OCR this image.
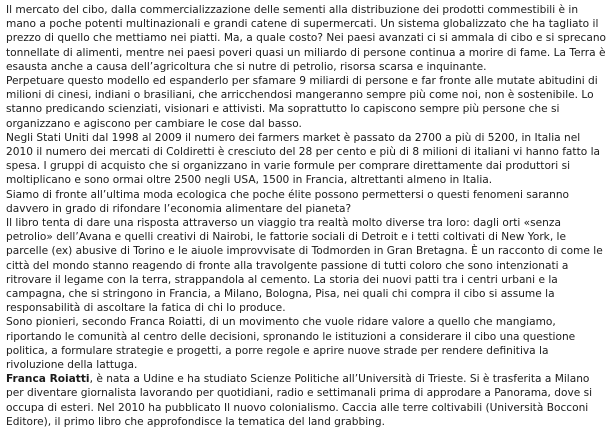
Il mercato del cibo, dalla commercializzazione delle sementi alla distribuzione dei prodotti commestibili è in mano a poche potenti multinazionali e grandi catene di supermercati. Un sistema globalizzato che ha tagliato il prezzo di quello che mettiamo nei piatti. Ma, a quale costo? Nei paesi avanzati ci si ammala di cibo e si sprecano tonnellate di alimenti, mentre nei paesi poveri quasi un miliardo di persone continua a morire di fame. La Terra è esausta anche a causa dell’agricoltura che si nutre di petrolio, risorsa scarsa e inquinante.

Perpetuare questo modello ed espanderlo per sfamare 9 miliardi di persone e far fronte alle mutate abitudini di milioni di cinesi, indiani o brasiliani, che arricchendosi mangeranno sempre più come noi, non è sostenibile. Lo stanno predicando scienziati, visionari e attivisti. Ma soprattutto lo capiscono sempre più persone che si organizzano e agiscono per cambiare le cose dal basso.

Negli Stati Uniti dal 1998 al 2009 il numero dei farmers market è passato da 2700 a più di 5200, in Italia nel 2010 il numero dei mercati di Coldiretti è cresciuto del 28 per cento e più di 8 milioni di italiani vi hanno fatto la spesa. I gruppi di acquisto che si organizzano in varie formule per comprare direttamente dai produttori si moltiplicano e sono ormai oltre 2500 negli USA, 1500 in Francia, altrettanti almeno in Italia.

Siamo di fronte all’ultima moda ecologica che poche élite possono permettersi o questi fenomeni saranno davvero in grado di rifondare l’economia alimentare del pianeta?

Il libro tenta di dare una risposta attraverso un viaggio tra realtà molto diverse tra loro: dagli orti «senza petrolio» dell’Avana e quelli creativi di Nairobi, le fattorie sociali di Detroit e i tetti coltivati di New York, le parcelle (ex) abusive di Torino e le aiuole improvvisate di Todmorden in Gran Bretagna. È un racconto di come le città del mondo stanno reagendo di fronte alla travolgente passione di tutti coloro che sono intenzionati a ritrovare il legame con la terra, strappandola al cemento. La storia dei nuovi patti tra i centri urbani e la campagna, che si stringono in Francia, a Milano, Bologna, Pisa, nei quali chi compra il cibo si assume la responsabilità di ascoltare la fatica di chi lo produce.

Sono pionieri, secondo Franca Roiatti, di un movimento che vuole ridare valore a quello che mangiamo, riportando le comunità al centro delle decisioni, spronando le istituzioni a considerare il cibo una questione politica, a formulare strategie e progetti, a porre regole e aprire nuove strade per rendere definitiva la rivoluzione della lattuga.

Franca Roiatti, è nata a Udine e ha studiato Scienze Politiche all’Università di Trieste. Si è trasferita a Milano per diventare giornalista lavorando per quotidiani, radio e settimanali prima di approdare a Panorama, dove si occupa di esteri. Nel 2010 ha pubblicato Il nuovo colonialismo. Caccia alle terre coltivabili (Università Bocconi Editore), il primo libro che approfondisce la tematica del land grabbing.
